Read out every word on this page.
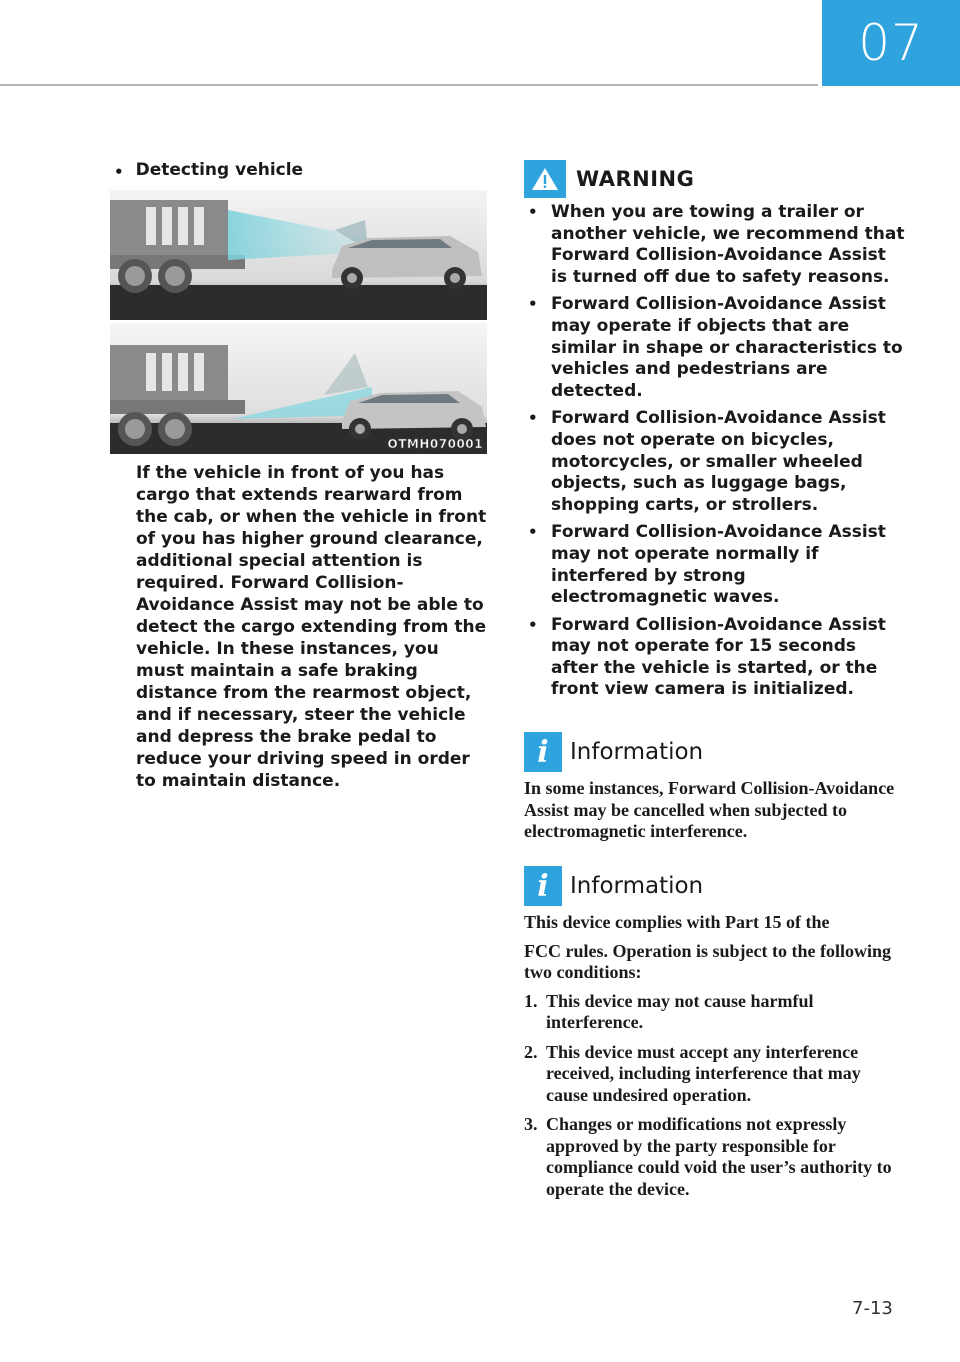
07
• Detecting vehicle
OTMH070001

If the vehicle in front of you has cargo that extends rearward from the cab, or when the vehicle in front of you has higher ground clearance, additional special attention is required. Forward Collision-Avoidance Assist may not be able to detect the cargo extending from the vehicle. In these instances, you must maintain a safe braking distance from the rearmost object, and if necessary, steer the vehicle and depress the brake pedal to reduce your driving speed in order to maintain distance.

WARNING
• When you are towing a trailer or another vehicle, we recommend that Forward Collision-Avoidance Assist is turned off due to safety reasons.
• Forward Collision-Avoidance Assist may operate if objects that are similar in shape or characteristics to vehicles and pedestrians are detected.
• Forward Collision-Avoidance Assist does not operate on bicycles, motorcycles, or smaller wheeled objects, such as luggage bags, shopping carts, or strollers.
• Forward Collision-Avoidance Assist may not operate normally if interfered by strong electromagnetic waves.
• Forward Collision-Avoidance Assist may not operate for 15 seconds after the vehicle is started, or the front view camera is initialized.
i Information
In some instances, Forward Collision-Avoidance Assist may be cancelled when subjected to electromagnetic interference.
i Information

This device complies with Part 15 of the

FCC rules. Operation is subject to the following two conditions:

1. This device may not cause harmful interference.
2. This device must accept any interference received, including interference that may cause undesired operation.
3. Changes or modifications not expressly approved by the party responsible for compliance could void the user’s authority to operate the device.
7-13
